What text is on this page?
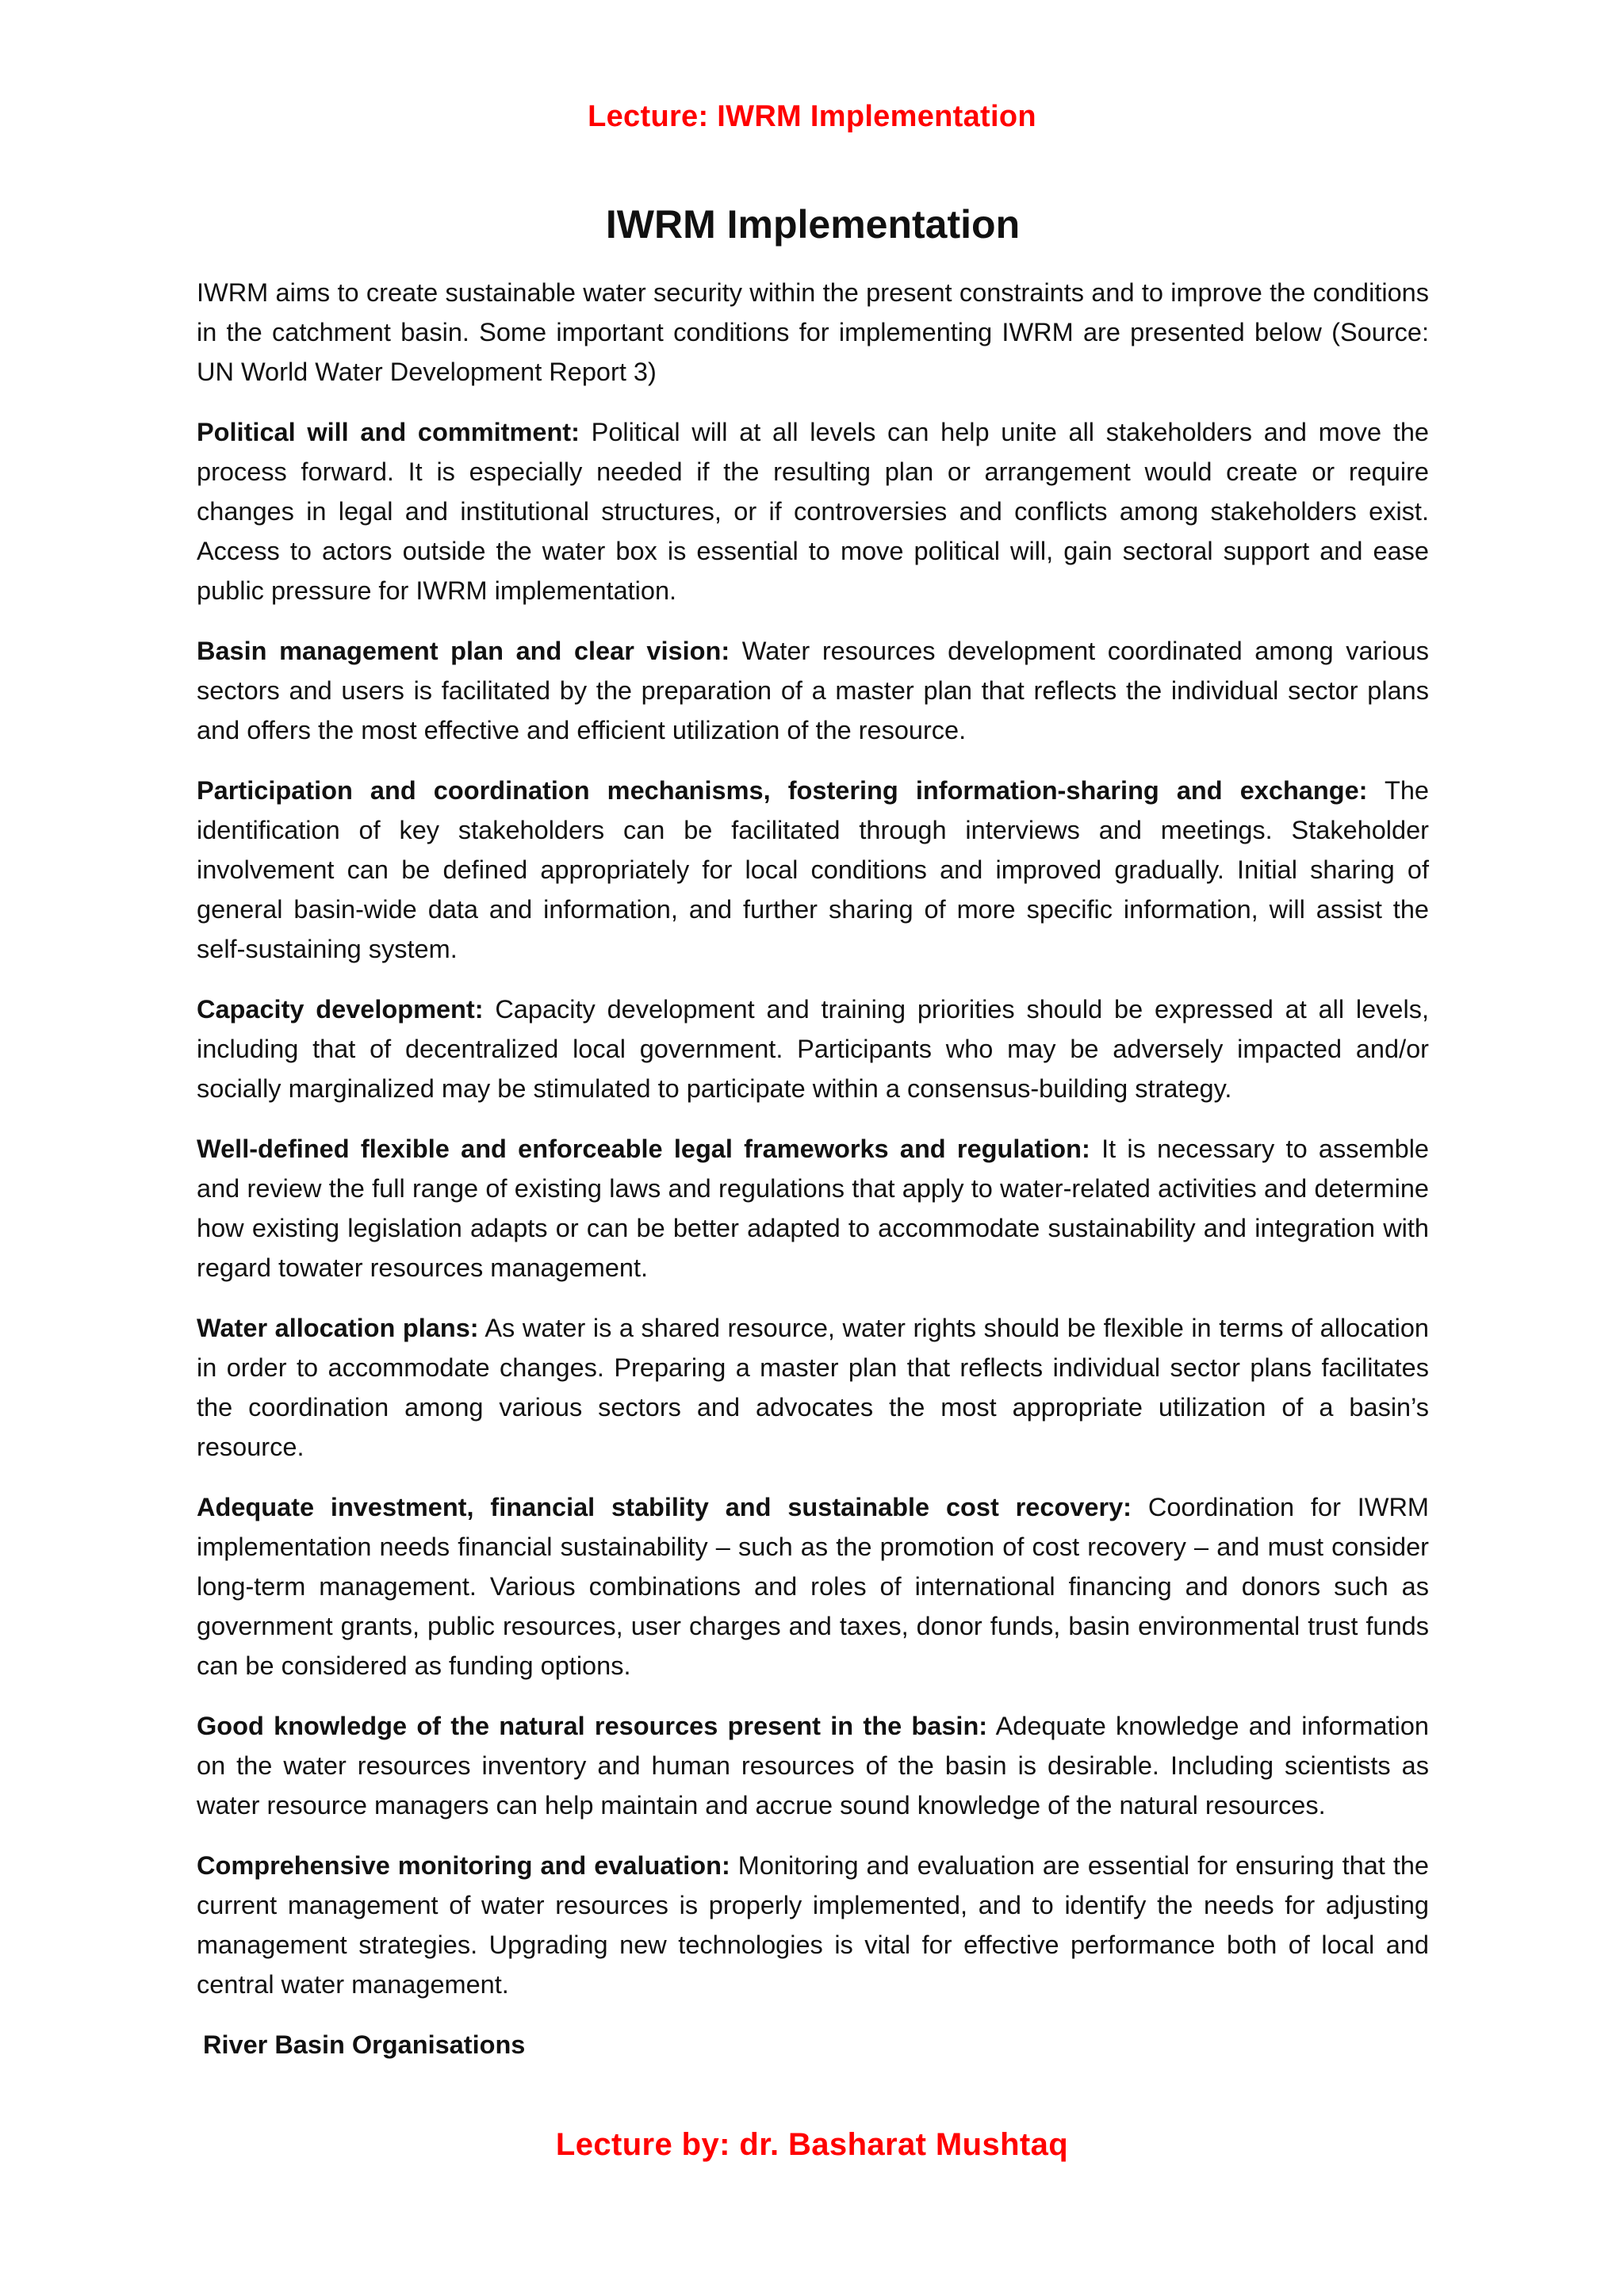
Lecture: IWRM Implementation
IWRM Implementation

IWRM aims to create sustainable water security within the present constraints and to improve the conditions in the catchment basin. Some important conditions for implementing IWRM are presented below (Source: UN World Water Development Report 3)

Political will and commitment: Political will at all levels can help unite all stakeholders and move the process forward. It is especially needed if the resulting plan or arrangement would create or require changes in legal and institutional structures, or if controversies and conflicts among stakeholders exist. Access to actors outside the water box is essential to move political will, gain sectoral support and ease public pressure for IWRM implementation.

Basin management plan and clear vision: Water resources development coordinated among various sectors and users is facilitated by the preparation of a master plan that reflects the individual sector plans and offers the most effective and efficient utilization of the resource.

Participation and coordination mechanisms, fostering information-sharing and exchange: The identification of key stakeholders can be facilitated through interviews and meetings. Stakeholder involvement can be defined appropriately for local conditions and improved gradually. Initial sharing of general basin-wide data and information, and further sharing of more specific information, will assist the self-sustaining system.

Capacity development: Capacity development and training priorities should be expressed at all levels, including that of decentralized local government. Participants who may be adversely impacted and/or socially marginalized may be stimulated to participate within a consensus-building strategy.

Well-defined flexible and enforceable legal frameworks and regulation: It is necessary to assemble and review the full range of existing laws and regulations that apply to water-related activities and determine how existing legislation adapts or can be better adapted to accommodate sustainability and integration with regard towater resources management.

Water allocation plans: As water is a shared resource, water rights should be flexible in terms of allocation in order to accommodate changes. Preparing a master plan that reflects individual sector plans facilitates the coordination among various sectors and advocates the most appropriate utilization of a basin’s resource.

Adequate investment, financial stability and sustainable cost recovery: Coordination for IWRM implementation needs financial sustainability – such as the promotion of cost recovery – and must consider long-term management. Various combinations and roles of international financing and donors such as government grants, public resources, user charges and taxes, donor funds, basin environmental trust funds can be considered as funding options.

Good knowledge of the natural resources present in the basin: Adequate knowledge and information on the water resources inventory and human resources of the basin is desirable. Including scientists as water resource managers can help maintain and accrue sound knowledge of the natural resources.

Comprehensive monitoring and evaluation: Monitoring and evaluation are essential for ensuring that the current management of water resources is properly implemented, and to identify the needs for adjusting management strategies. Upgrading new technologies is vital for effective performance both of local and central water management.

River Basin Organisations
Lecture by: dr. Basharat Mushtaq
